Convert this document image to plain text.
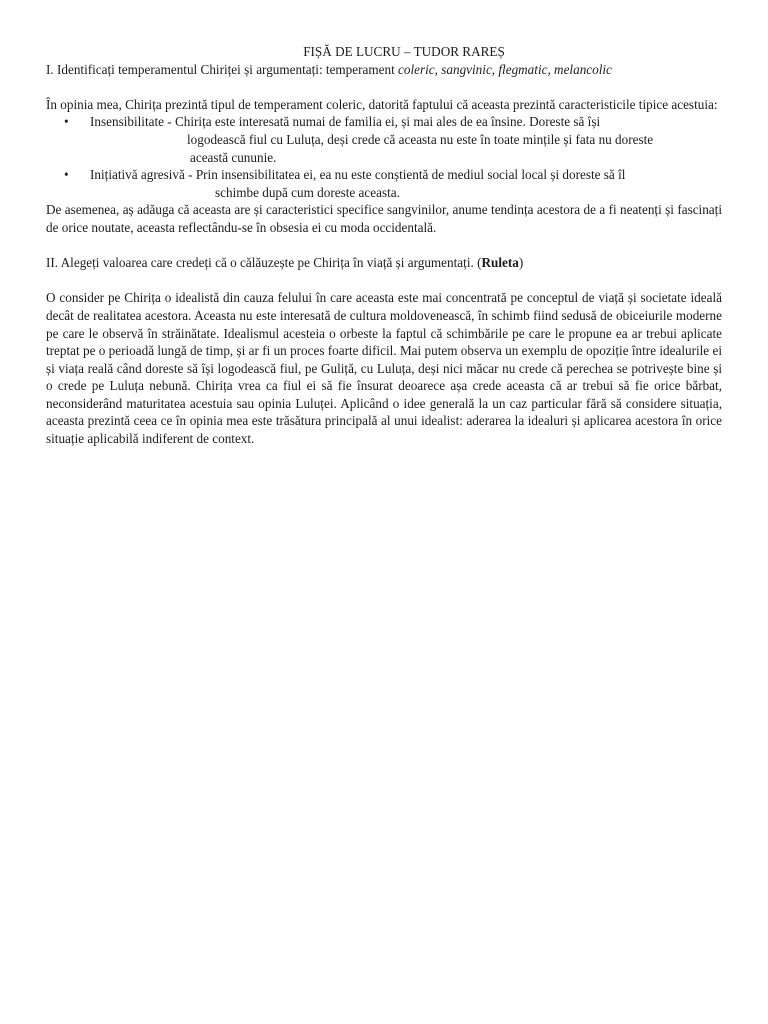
FIȘĂ DE LUCRU – TUDOR RAREȘ
I. Identificați temperamentul Chiriței și argumentați: temperament coleric, sangvinic, flegmatic, melancolic
În opinia mea, Chirița prezintă tipul de temperament coleric, datorită faptului că aceasta prezintă caracteristicile tipice acestuia:
• Insensibilitate - Chirița este interesată numai de familia ei, și mai ales de ea însine. Doreste să își
logodească fiul cu Luluța, deși crede că aceasta nu este în toate mințile și fata nu doreste
această cununie.
• Inițiativă agresivă - Prin insensibilitatea ei, ea nu este conștientă de mediul social local și doreste să îl
schimbe după cum doreste aceasta.
De asemenea, aș adăuga că aceasta are și caracteristici specifice sangvinilor, anume tendința acestora de a fi neatenți și fascinați de orice noutate, aceasta reflectându-se în obsesia ei cu moda occidentală.
II. Alegeți valoarea care credeți că o călăuzește pe Chirița în viață și argumentați. (Ruleta)
O consider pe Chirița o idealistă din cauza felului în care aceasta este mai concentrată pe conceptul de viață și societate ideală decât de realitatea acestora. Aceasta nu este interesată de cultura moldovenească, în schimb fiind sedusă de obiceiurile moderne pe care le observă în străinătate. Idealismul acesteia o orbeste la faptul că schimbările pe care le propune ea ar trebui aplicate treptat pe o perioadă lungă de timp, și ar fi un proces foarte dificil. Mai putem observa un exemplu de opoziție între idealurile ei și viața reală când doreste să își logodească fiul, pe Guliță, cu Luluța, deși nici măcar nu crede că perechea se potrivește bine și o crede pe Luluța nebună. Chirița vrea ca fiul ei să fie însurat deoarece așa crede aceasta că ar trebui să fie orice bărbat, neconsiderând maturitatea acestuia sau opinia Luluței. Aplicând o idee generală la un caz particular fără să considere situația, aceasta prezintă ceea ce în opinia mea este trăsătura principală al unui idealist: aderarea la idealuri și aplicarea acestora în orice situație aplicabilă indiferent de context.
